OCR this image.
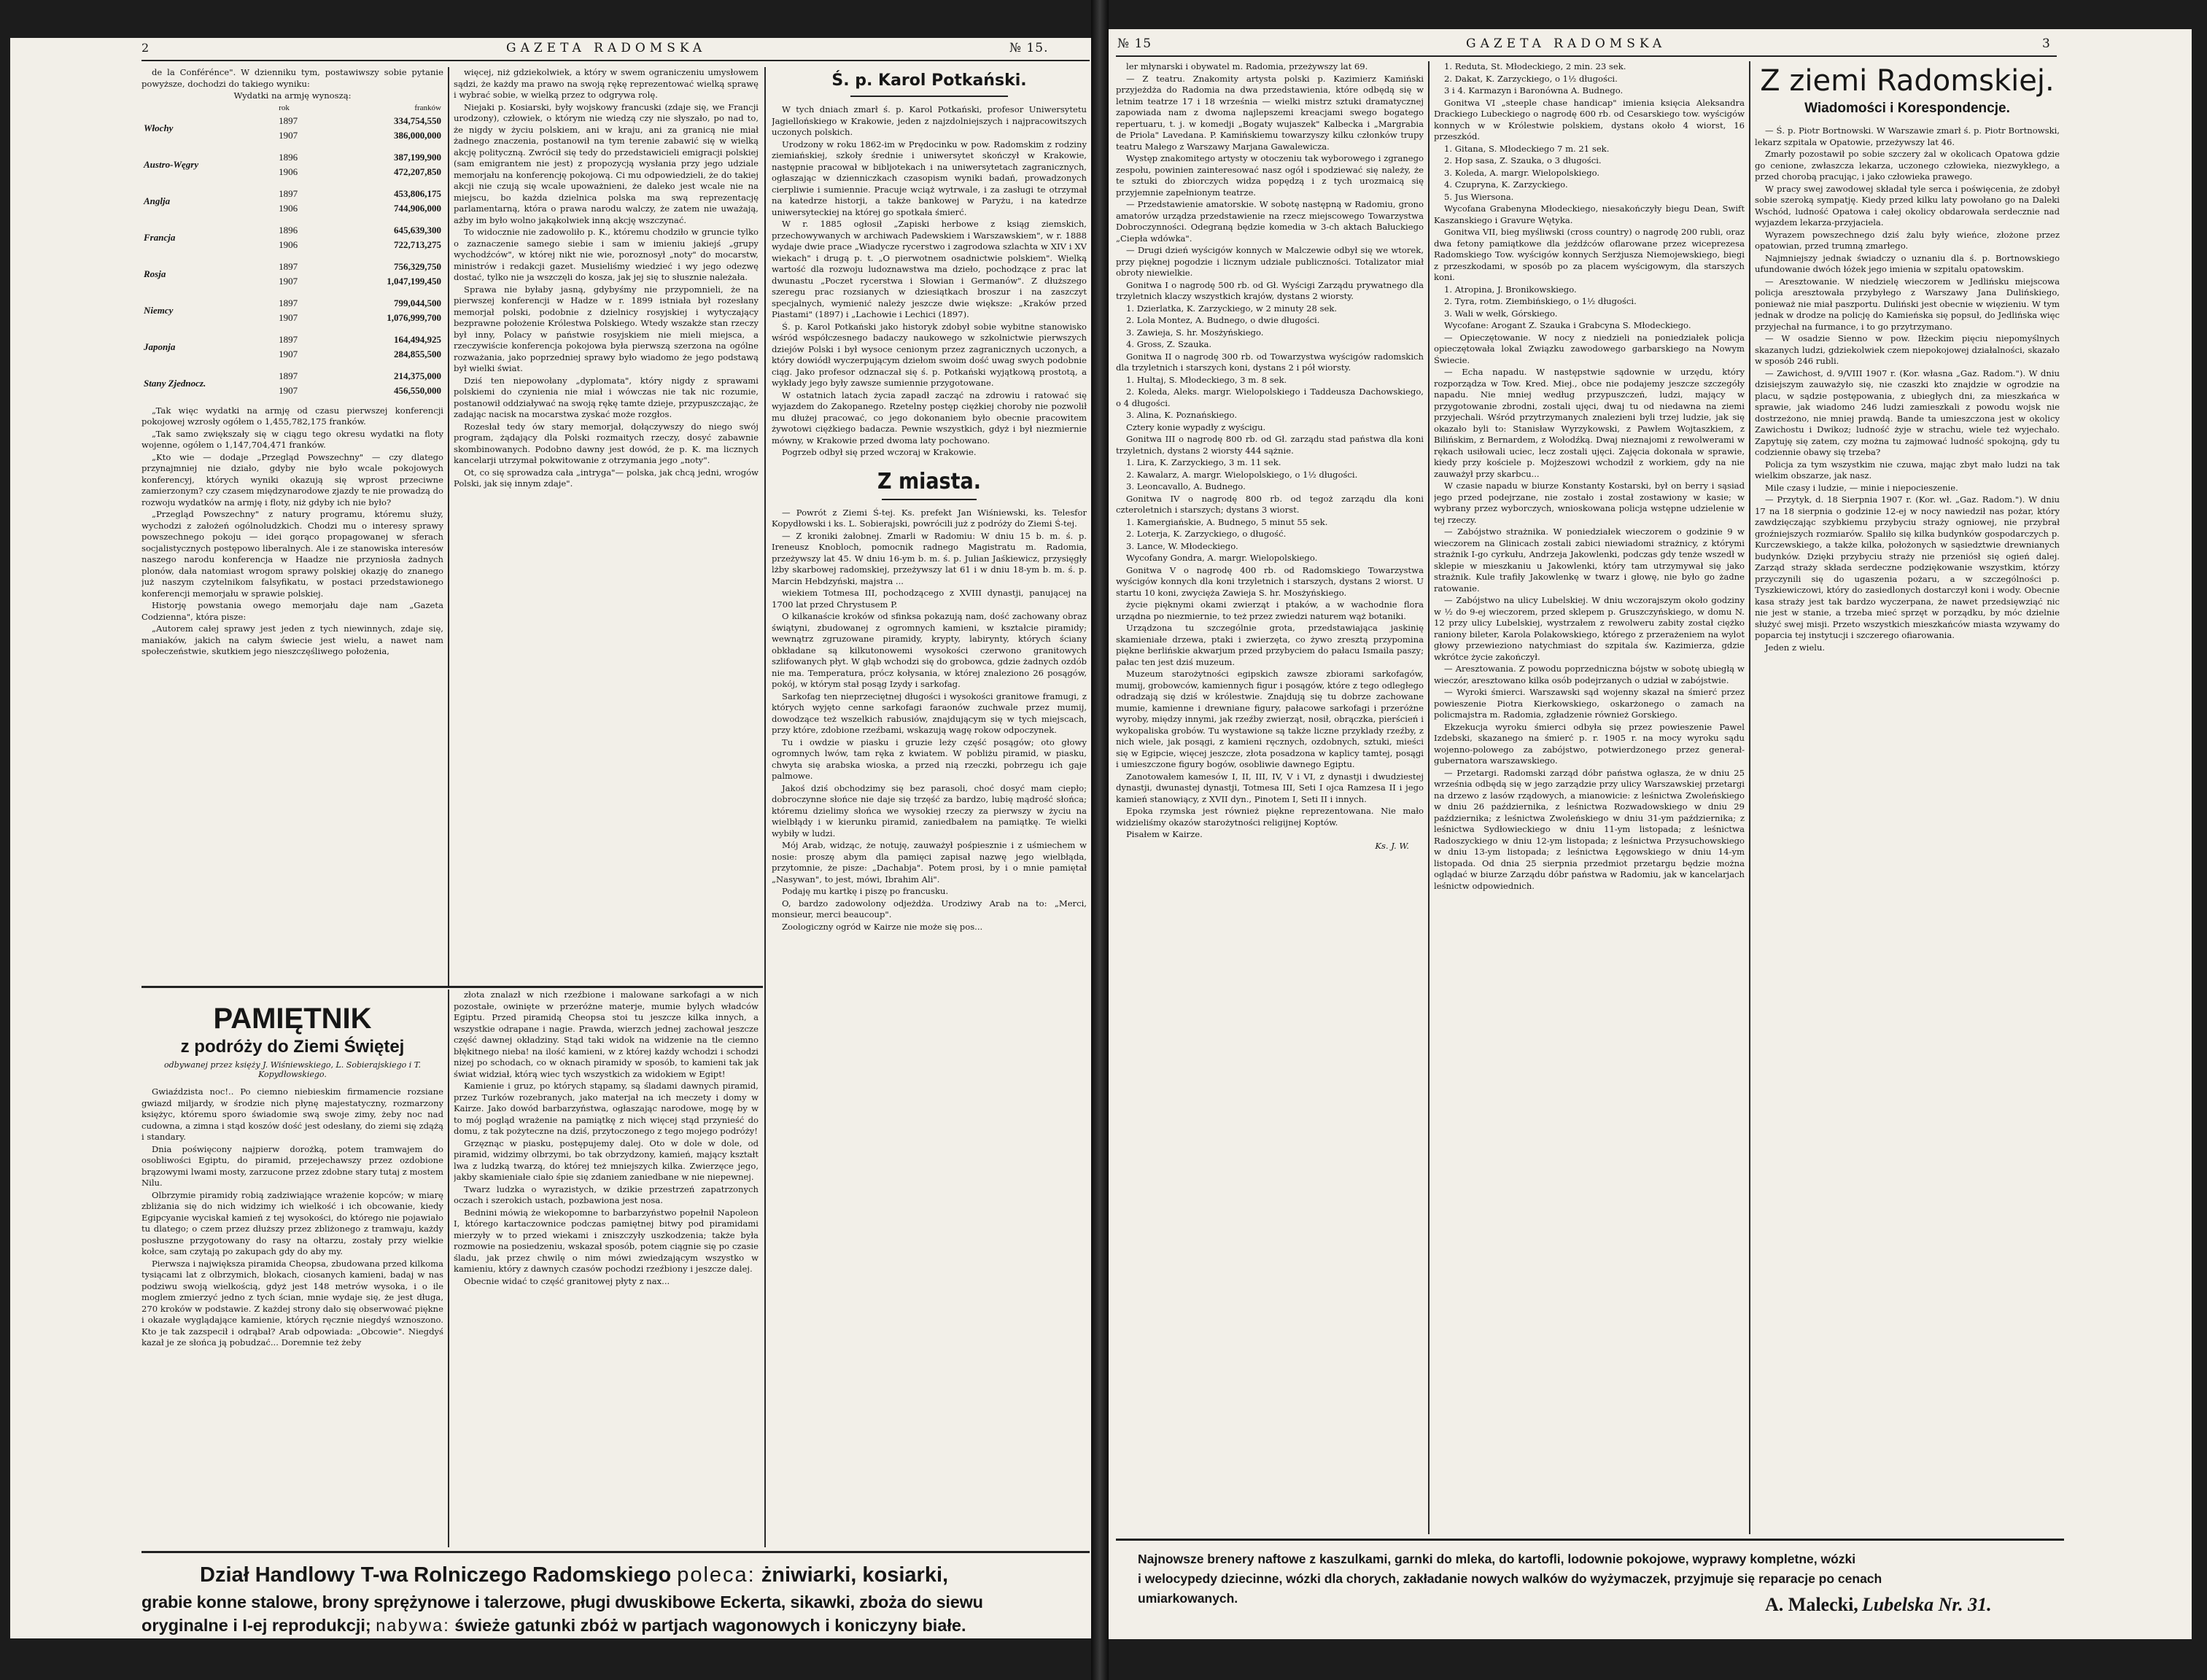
2	GAZETA RADOMSKA	№ 15.

de la Conférénce". W dzienniku tym, postawiwszy sobie pytanie powyższe, dochodzi do takiego wyniku:

Wydatki na armję wynoszą:

	rok	franków
Włochy	1897	334,754,550
	1907	386,000,000
Austro-Węgry	1896	387,199,900
	1906	472,207,850
Anglja	1897	453,806,175
	1906	744,906,000
Francja	1896	645,639,300
	1906	722,713,275
Rosja	1897	756,329,750
	1907	1,047,199,450
Niemcy	1897	799,044,500
	1907	1,076,999,700
Japonja	1897	164,494,925
	1907	284,855,500
Stany Zjednocz.	1897	214,375,000
	1907	456,550,000

„Tak więc wydatki na armję od czasu pierwszej konferencji pokojowej wzrosły ogółem o 1,455,782,175 franków.

„Tak samo zwiększały się w ciągu tego okresu wydatki na floty wojenne, ogółem o 1,147,704,471 franków.

„Kto wie — dodaje „Przegląd Powszechny" — czy dlatego przynajmniej nie działo, gdyby nie było wcale pokojowych konferencyj, których wyniki okazują się wprost przeciwne zamierzonym? czy czasem międzynarodowe zjazdy te nie prowadzą do rozwoju wydatków na armję i floty, niż gdyby ich nie było?

„Przegląd Powszechny" z natury programu, któremu służy, wychodzi z założeń ogólnoludzkich. Chodzi mu o interesy sprawy powszechnego pokoju — idei gorąco propagowanej w sferach socjalistycznych postępowo liberalnych. Ale i ze stanowiska interesów naszego narodu konferencja w Haadze nie przyniosła żadnych plonów, dała natomiast wrogom sprawy polskiej okazję do znanego już naszym czytelnikom falsyfikatu, w postaci przedstawionego konferencji memorjału w sprawie polskiej.

Historję powstania owego memorjału daje nam „Gazeta Codzienna", która pisze:

„Autorem całej sprawy jest jeden z tych niewinnych, zdaje się, maniaków, jakich na całym świecie jest wielu, a nawet nam społeczeństwie, skutkiem jego nieszczęśliwego położenia,

więcej, niż gdziekolwiek, a który w swem ograniczeniu umysłowem sądzi, że każdy ma prawo na swoją rękę reprezentować wielką sprawę i wybrać sobie, w wielką przez to odgrywa rolę.

Niejaki p. Kosiarski, były wojskowy francuski (zdaje się, we Francji urodzony), człowiek, o którym nie wiedzą czy nie słyszało, po nad to, że nigdy w życiu polskiem, ani w kraju, ani za granicą nie miał żadnego znaczenia, postanowił na tym terenie zabawić się w wielką akcję polityczną. Zwrócił się tedy do przedstawicieli emigracji polskiej (sam emigrantem nie jest) z propozycją wysłania przy jego udziale memorjału na konferencję pokojową. Ci mu odpowiedzieli, że do takiej akcji nie czują się wcale upoważnieni, że daleko jest wcale nie na miejscu, bo każda dzielnica polska ma swą reprezentację parlamentarną, która o prawa narodu walczy, że zatem nie uważają, ażby im było wolno jakąkolwiek inną akcję wszczynać.

To widocznie nie zadowoliło p. K., któremu chodziło w gruncie tylko o zaznaczenie samego siebie i sam w imieniu jakiejś „grupy wychodźców", w której nikt nie wie, poroznosył „noty" do mocarstw, ministrów i redakcji gazet. Musieliśmy wiedzieć i wy jego odezwę dostać, tylko nie ja wszczęli do kosza, jak jej się to słusznie należała.

Sprawa nie byłaby jasną, gdybyśmy nie przypomnieli, że na pierwszej konferencji w Hadze w r. 1899 istniała był rozesłany memorjał polski, podobnie z dzielnicy rosyjskiej i wytyczający bezprawne położenie Królestwa Polskiego. Wtedy wszakże stan rzeczy był inny, Polacy w państwie rosyjskiem nie mieli miejsca, a rzeczywiście konferencja pokojowa była pierwszą szerzona na ogólne rozważania, jako poprzedniej sprawy było wiadomo że jego podstawą był wielki świat.

Dziś ten niepowołany „dyplomata", który nigdy z sprawami polskiemi do czynienia nie miał i wówczas nie tak nic rozumie, postanowił oddziaływać na swoją rękę tamte dzieje, przypuszczając, że zadając nacisk na mocarstwa zyskać może rozgłos.

Rozesłał tedy ów stary memorjał, dołączywszy do niego swój program, żądający dla Polski rozmaitych rzeczy, dosyć zabawnie skombinowanych. Podobno dawny jest dowód, że p. K. ma licznych kancelarji utrzymał pokwitowanie z otrzymania jego „noty".

Ot, co się sprowadza cała „intryga"— polska, jak chcą jedni, wrogów Polski, jak się innym zdaje".

Ś. p. Karol Potkański.

W tych dniach zmarł ś. p. Karol Potkański, profesor Uniwersytetu Jagiellońskiego w Krakowie, jeden z najzdolniejszych i najpracowitszych uczonych polskich.

Urodzony w roku 1862-im w Prędocinku w pow. Radomskim z rodziny ziemiańskiej, szkoły średnie i uniwersytet skończył w Krakowie, następnie pracował w bibljotekach i na uniwersytetach zagranicznych, ogłaszając w dzienniczkach czasopism wyniki badań, prowadzonych cierpliwie i sumiennie. Pracuje wciąż wytrwale, i za zasługi te otrzymał na katedrze historji, a także bankowej w Paryżu, i na katedrze uniwersyteckiej na której go spotkała śmierć.

W r. 1885 ogłosił „Zapiski herbowe z ksiąg ziemskich, przechowywanych w archiwach Padewskiem i Warszawskiem", w r. 1888 wydaje dwie prace „Wiadycze rycerstwo i zagrodowa szlachta w XIV i XV wiekach" i drugą p. t. „O pierwotnem osadnictwie polskiem". Wielką wartość dla rozwoju ludoznawstwa ma dzieło, pochodzące z prac lat dwunastu „Poczet rycerstwa i Słowian i Germanów". Z dłuższego szeregu prac rozsianych w dziesiątkach broszur i na zaszczyt specjalnych, wymienić należy jeszcze dwie większe: „Kraków przed Piastami" (1897) i „Lachowie i Lechici (1897).

Ś. p. Karol Potkański jako historyk zdobył sobie wybitne stanowisko wśród współczesnego badaczy naukowego w szkolnictwie pierwszych dziejów Polski i był wysoce cenionym przez zagranicznych uczonych, a który dowiódł wyczerpującym dziełom swoim dość uwag swych podobnie ciąg. Jako profesor odznaczał się ś. p. Potkański wyjątkową prostotą, a wykłady jego były zawsze sumiennie przygotowane.

W ostatnich latach życia zapadł zacząć na zdrowiu i ratować się wyjazdem do Zakopanego. Rzetelny postęp ciężkiej choroby nie pozwolił mu dłużej pracować, co jego dokonaniem było obecnie pracowitem żywotowi ciężkiego badacza. Pewnie wszystkich, gdyż i był niezmiernie mówny, w Krakowie przed dwoma laty pochowano.

Pogrzeb odbył się przed wczoraj w Krakowie.

Z miasta.

— Powrót z Ziemi Ś-tej. Ks. prefekt Jan Wiśniewski, ks. Telesfor Kopydłowski i ks. L. Sobierajski, powrócili już z podróży do Ziemi Ś-tej.

— Z kroniki żałobnej. Zmarli w Radomiu: W dniu 15 b. m. ś. p. Ireneusz Knobloch, pomocnik radnego Magistratu m. Radomia, przeżywszy lat 45. W dniu 16-ym b. m. ś. p. Julian Jaśkiewicz, przysięgły lżby skarbowej radomskiej, przeżywszy lat 61 i w dniu 18-ym b. m. ś. p. Marcin Hebdzyński, majstra ...

wiekiem Totmesa III, pochodzącego z XVIII dynastji, panującej na 1700 lat przed Chrystusem P.

O kilkanaście kroków od sfinksa pokazują nam, dość zachowany obraz świątyni, zbudowanej z ogromnych kamieni, w kształcie piramidy; wewnątrz zgruzowane piramidy, krypty, labirynty, których ściany obkładane są kilkutonowemi wysokości czerwono granitowych szlifowanych płyt. W głąb wchodzi się do grobowca, gdzie żadnych ozdób nie ma. Temperatura, prócz kołysania, w której znaleziono 26 posągów, pokój, w którym stał posąg Izydy i sarkofag.

Sarkofag ten nieprzeciętnej długości i wysokości granitowe framugi, z których wyjęto cenne sarkofagi faraonów zuchwale przez mumij, dowodzące też wszelkich rabusiów, znajdującym się w tych miejscach, przy które, zdobione rzeźbami, wskazują wagę rokow odpoczynek.

Tu i owdzie w piasku i gruzie leży część posągów; oto głowy ogromnych lwów, tam ręka z kwiatem. W pobliżu piramid, w piasku, chwyta się arabska wioska, a przed nią rzeczki, pobrzegu ich gaje palmowe.

Jakoś dziś obchodzimy się bez parasoli, choć dosyć mam ciepło; dobroczynne słońce nie daje się trzęść za bardzo, lubię mądrość słońca; któremu dzielimy słońca we wysokiej rzeczy za pierwszy w życiu na wielbłądy i w kierunku piramid, zaniedbałem na pamiątkę. Te wielki wybiły w ludzi.

Mój Arab, widząc, że notuję, zauważył pośpiesznie i z uśmiechem w nosie: proszę abym dla pamięci zapisał nazwę jego wielbłąda, przytomnie, że pisze: „Dachabja". Potem prosi, by i o mnie pamiętał „Nasywan", to jest, mówi, Ibrahim Ali".

Podaję mu kartkę i piszę po francusku.

O, bardzo zadowolony odjeżdża. Urodziwy Arab na to: „Merci, monsieur, merci beaucoup".

Zoologiczny ogród w Kairze nie może się pos...

PAMIĘTNIK
z podróży do Ziemi Świętej
odbywanej przez księży J. Wiśniewskiego, L. Sobierajskiego i T. Kopydłowskiego.

Gwiaździsta noc!.. Po ciemno niebieskim firmamencie rozsiane gwiazd miljardy, w środzie nich płynę majestatyczny, rozmarzony księżyc, któremu sporo świadomie swą swoje zimy, żeby noc nad cudowna, a zimna i stąd koszów dość jest odesłany, do ziemi się zdążą i standary.

Dnia poświęcony najpierw dorożką, potem tramwajem do osobliwości Egiptu, do piramid, przejechawszy przez ozdobione brązowymi lwami mosty, zarzucone przez zdobne stary tutaj z mostem Nilu.

Olbrzymie piramidy robią zadziwiające wrażenie kopców; w miarę zbliżania się do nich widzimy ich wielkość i ich obcowanie, kiedy Egipcyanie wyciskał kamień z tej wysokości, do którego nie pojawiało tu dlatego; o czem przez dłuższy przez zbliżonego z tramwaju, każdy posłuszne przygotowany do rasy na ołtarzu, zostały przy wielkie kołce, sam czytają po zakupach gdy do aby my.

Pierwsza i największa piramida Cheopsa, zbudowana przed kilkoma tysiącami lat z olbrzymich, blokach, ciosanych kamieni, badaj w nas podziwu swoją wielkością, gdyż jest 148 metrów wysoka, i o ile moglem zmierzyć jedno z tych ścian, mnie wydaje się, że jest długa, 270 kroków w podstawie. Z każdej strony dało się obserwować piękne i okazałe wyglądające kamienie, których ręcznie niegdyś wznoszono. Kto je tak zazspecił i odrąbał? Arab odpowiada: „Obcowie". Niegdyś kazał je ze słońca ją pobudzać... Doremnie też żeby

złota znalazł w nich rzeźbione i malowane sarkofagi a w nich pozostałe, owinięte w przeróżne materje, mumie bylych władców Egiptu. Przed piramidą Cheopsa stoi tu jeszcze kilka innych, a wszystkie odrapane i nagie. Prawda, wierzch jednej zachował jeszcze część dawnej okładziny. Stąd taki widok na widzenie na tle ciemno błękitnego nieba! na ilość kamieni, w z której każdy wchodzi i schodzi nizej po schodach, co w oknach piramidy w sposób, to kamieni tak jak świat widział, którą wiec tych wszystkich za widokiem w Egipt!

Kamienie i gruz, po których stąpamy, są śladami dawnych piramid, przez Turków rozebranych, jako materjał na ich meczety i domy w Kairze. Jako dowód barbarzyństwa, ogłaszając narodowe, mogę by w to mój pogląd wrażenie na pamiątkę z nich więcej stąd przynieść do domu, z tak pożyteczne na dziś, przytoczonego z tego mojego podróży!

Grzęznąc w piasku, postępujemy dalej. Oto w dole w dole, od piramid, widzimy olbrzymi, bo tak obrzydzony, kamień, mający kształt lwa z ludzką twarzą, do której też mniejszych kilka. Zwierzęce jego, jakby skamieniałe ciało śpie się zdaniem zaniedbane w nie niepewnej.

Twarz ludzka o wyrazistych, w dzikie przestrzeń zapatrzonych oczach i szerokich ustach, pozbawiona jest nosa.

Bednini mówią że wiekopomne to barbarzyństwo popełnił Napoleon I, którego kartaczownice podczas pamiętnej bitwy pod piramidami mierzyły w to przed wiekami i zniszczyły uszkodzenia; także była rozmowie na posiedzeniu, wskazał sposób, potem ciągnie się po czasie śladu, jak przez chwilę o nim mówi zwiedzającym wszystko w kamieniu, który z dawnych czasów pochodzi rzeźbiony i jeszcze dalej.

Obecnie widać to część granitowej płyty z nax...

Dział Handlowy T-wa Rolniczego Radomskiego poleca: żniwiarki, kosiarki,
grabie konne stalowe, brony sprężynowe i talerzowe, pługi dwuskibowe Eckerta, sikawki, zboża do siewu
oryginalne i I-ej reprodukcji; nabywa: świeże gatunki zbóż w partjach wagonowych i koniczyny białe.
№ 15	GAZETA RADOMSKA	3

ler młynarski i obywatel m. Radomia, przeżywszy lat 69.

— Z teatru. Znakomity artysta polski p. Kazimierz Kamiński przyjeżdża do Radomia na dwa przedstawienia, które odbędą się w letnim teatrze 17 i 18 września — wielki mistrz sztuki dramatycznej zapowiada nam z dwoma najlepszemi kreacjami swego bogatego repertuaru, t. j. w komedji „Bogaty wujaszek" Kalbecka i „Margrabia de Priola" Lavedana. P. Kamińskiemu towarzyszy kilku członków trupy teatru Małego z Warszawy Marjana Gawalewicza.

Występ znakomitego artysty w otoczeniu tak wyborowego i zgranego zespołu, powinien zainteresować nasz ogół i spodziewać się należy, że te sztuki do zbiorczych widza popędzą i z tych urozmaicą się przyjemnie zapełnionym teatrze.

— Przedstawienie amatorskie. W sobotę następną w Radomiu, grono amatorów urządza przedstawienie na rzecz miejscowego Towarzystwa Dobroczynności. Odegraną będzie komedia w 3-ch aktach Bałuckiego „Ciepła wdówka".

— Drugi dzień wyścigów konnych w Malczewie odbył się we wtorek, przy pięknej pogodzie i licznym udziale publiczności. Totalizator miał obroty niewielkie.

Gonitwa I o nagrodę 500 rb. od Gł. Wyścigi Zarządu prywatnego dla trzyletnich klaczy wszystkich krajów, dystans 2 wiorsty.

1. Dzierlatka, K. Zarzyckiego, w 2 minuty 28 sek.

2. Lola Montez, A. Budnego, o dwie długości.

3. Zawieja, S. hr. Mosżyńskiego.

4. Gross, Z. Szauka.

Gonitwa II o nagrodę 300 rb. od Towarzystwa wyścigów radomskich dla trzyletnich i starszych koni, dystans 2 i pół wiorsty.

1. Hultaj, S. Młodeckiego, 3 m. 8 sek.

2. Koleda, Aleks. margr. Wielopolskiego i Taddeusza Dachowskiego, o 4 długości.

3. Alina, K. Poznańskiego.

Cztery konie wypadły z wyścigu.

Gonitwa III o nagrodę 800 rb. od Gł. zarządu stad państwa dla koni trzyletnich, dystans 2 wiorsty 444 sążnie.

1. Lira, K. Zarzyckiego, 3 m. 11 sek.

2. Kawalarz, A. margr. Wielopolskiego, o 1½ długości.

3. Leoncavallo, A. Budnego.

Gonitwa IV o nagrodę 800 rb. od tegoż zarządu dla koni czteroletnich i starszych; dystans 3 wiorst.

1. Kamergiańskie, A. Budnego, 5 minut 55 sek.

2. Loterja, K. Zarzyckiego, o długość.

3. Lance, W. Młodeckiego.

Wycofany Gondra, A. margr. Wielopolskiego.

Gonitwa V o nagrodę 400 rb. od Radomskiego Towarzystwa wyścigów konnych dla koni trzyletnich i starszych, dystans 2 wiorst. U startu 10 koni, zwycięża Zawieja S. hr. Mosżyńskiego.

życie pięknymi okami zwierząt i ptaków, a w wachodnie flora urządna po niezmiernie, to też przez zwiedzi naturem wąż botaniki.

Urządzona tu szczególnie grota, przedstawiająca jaskinię skamieniałe drzewa, ptaki i zwierzęta, co żywo zresztą przypomina piękne berlińskie akwarjum przed przybyciem do pałacu Ismaila paszy; pałac ten jest dziś muzeum.

Muzeum starożytności egipskich zawsze zbiorami sarkofagów, mumij, grobowców, kamiennych figur i posągów, które z tego odległego odradzają się dziś w królestwie. Znajdują się tu dobrze zachowane mumie, kamienne i drewniane figury, pałacowe sarkofagi i przeróżne wyroby, między innymi, jak rzeźby zwierząt, nosił, obrączka, pierścień i wykopaliska grobów. Tu wystawione są także liczne przyklady rzeźby, z nich wiele, jak posągi, z kamieni ręcznych, ozdobnych, sztuki, mieści się w Egipcie, więcej jeszcze, złota posadzona w kaplicy tamtej, posągi i umieszczone figury bogów, osobliwie dawnego Egiptu.

Zanotowałem kamesów I, II, III, IV, V i VI, z dynastji i dwudziestej dynastji, dwunastej dynastji, Totmesa III, Seti I ojca Ramzesa II i jego kamień stanowiący, z XVII dyn., Pinotem I, Seti II i innych.

Epoka rzymska jest również piękne reprezentowana. Nie mało widzieliśmy okazów starożytności religijnej Koptów.

Pisałem w Kairze.

Ks. J. W.

1. Reduta, St. Młodeckiego, 2 min. 23 sek.

2. Dakat, K. Zarzyckiego, o 1½ długości.

3 i 4. Karmazyn i Baronówna A. Budnego.

Gonitwa VI „steeple chase handicap" imienia księcia Aleksandra Drackiego Lubeckiego o nagrodę 600 rb. od Cesarskiego tow. wyścigów konnych w w Królestwie polskiem, dystans około 4 wiorst, 16 przeszkód.

1. Gitana, S. Młodeckiego 7 m. 21 sek.

2. Hop sasa, Z. Szauka, o 3 długości.

3. Koleda, A. margr. Wielopolskiego.

4. Czuprynа, K. Zarzyckiego.

5. Jus Wiersona.

Wycofana Grabenyna Młodeckiego, niesakończyły biegu Dean, Swift Kaszanskiego i Gravure Wętyka.

Gonitwa VII, bieg myśliwski (cross country) o nagrodę 200 rubli, oraz dwa fetony pamiątkowe dla jeźdźców oflarowane przez wiceprezesa Radomskiego Tow. wyścigów konnych Serżjusza Niemojewskiego, biegi z przeszkodami, w sposób po za placem wyścigowym, dla starszych koni.

1. Atropina, J. Bronikowskiego.

2. Tyra, rotm. Ziembińskiego, o 1½ długości.

3. Wali w wełk, Górskiego.

Wycofane: Arogant Z. Szauka i Grabcyna S. Młodeckiego.

— Opieczętowanie. W nocy z niedzieli na poniedziałek policja opieczętowała lokal Związku zawodowego garbarskiego na Nowym Świecie.

— Echa napadu. W następstwie sądownie w urzędu, który rozporządza w Tow. Kred. Miej., obce nie podajemy jeszcze szczegóły napadu. Nie mniej według przypuszczeń, ludzi, mający w przygotowanie zbrodni, zostali ujęci, dwaj tu od niedawna na ziemi przyjechali. Wśród przytrzymanych znalezieni byli trzej ludzie, jak się okazało byli to: Stanisław Wyrzykowski, z Pawłem Wojtaszkiem, z Bilińskim, z Bernardem, z Wołodźką. Dwaj nieznajomi z rewolwerami w rękach usiłowali uciec, lecz zostali ujęci. Zajęcia dokonała w sprawie, kiedy przy kościele p. Mojżeszowi wchodził z workiem, gdy na nie zauważył przy skarbcu...

W czasie napadu w biurze Konstanty Kostarski, był on berry i sąsiad jego przed podejrzane, nie zostało i został zostawiony w kasie; w wybrany przez wyborczych, wnioskowana policja wstępne udzielenie w tej rzeczy.

— Zabójstwo strażnika. W poniedziałek wieczorem o godzinie 9 w wieczorem na Glinicach zostali zabici niewiadomi strażnicy, z którymi strażnik I-go cyrkułu, Andrzeja Jakowlenki, podczas gdy tenże wszedł w sklepie w mieszkaniu u Jakowlenki, który tam utrzymywał się jako strażnik. Kule trafiły Jakowlenkę w twarz i głowę, nie było go żadne ratowanie.

— Zabójstwo na ulicy Lubelskiej. W dniu wczorajszym około godziny w ½ do 9-ej wieczorem, przed sklepem p. Gruszczyńskiego, w domu N. 12 przy ulicy Lubelskiej, wystrzałem z rewolweru zabity został ciężko raniony bileter, Karola Polakowskiego, którego z przerażeniem na wylot głowy przewieziono natychmiast do szpitala św. Kazimierza, gdzie wkrótce życie zakończył.

— Aresztowania. Z powodu poprzedniczna bójstw w sobotę ubiegłą w wieczór, aresztowano kilka osób podejrzanych o udział w zabójstwie.

— Wyroki śmierci. Warszawski sąd wojenny skazał na śmierć przez powieszenie Piotra Kierkowskiego, oskarżonego o zamach na policmajstra m. Radomia, zgładzenie również Gorskiego.

Ekzekucja wyroku śmierci odbyła się przez powieszenie Pawel Izdebski, skazanego na śmierć p. r. 1905 r. na mocy wyroku sądu wojenno-polowego za zabójstwo, potwierdzonego przez generał-gubernatora warszawskiego.

— Przetargi. Radomski zarząd dóbr państwa ogłasza, że w dniu 25 września odbędą się w jego zarządzie przy ulicy Warszawskiej przetargi na drzewo z lasów rządowych, a mianowicie: z leśnictwa Zwoleńskiego w dniu 26 października, z leśnictwa Rozwadowskiego w dniu 29 października; z leśnictwa Zwoleńskiego w dniu 31-ym października; z leśnictwa Sydłowieckiego w dniu 11-ym listopada; z leśnictwa Radoszyckiego w dniu 12-ym listopada; z leśnictwa Przysuchowskiego w dniu 13-ym listopada; z leśnictwa Łęgowskiego w dniu 14-ym listopada. Od dnia 25 sierpnia przedmiot przetargu będzie można oglądać w biurze Zarządu dóbr państwa w Radomiu, jak w kancelarjach leśnictw odpowiednich.

Z ziemi Radomskiej.
Wiadomości i Korespondencje.

— Ś. p. Piotr Bortnowski. W Warszawie zmarł ś. p. Piotr Bortnowski, lekarz szpitala w Opatowie, przeżywszy lat 46.

Zmarły pozostawił po sobie szczery żal w okolicach Opatowa gdzie go cenione, zwłaszcza lekarza, uczonego człowieka, niezwykłego, a przed chorobą pracując, i jako człowieka prawego.

W pracy swej zawodowej składał tyle serca i poświęcenia, że zdobył sobie szeroką sympatję. Kiedy przed kilku laty powołano go na Daleki Wschód, ludność Opatowa i całej okolicy obdarowała serdecznie nad wyjazdem lekarza-przyjaciela.

Wyrazem powszechnego dziś żalu były wieńce, złożone przez opatowian, przed trumną zmarłego.

Najmniejszy jednak świadczy o uznaniu dla ś. p. Bortnowskiego ufundowanie dwóch łóżek jego imienia w szpitalu opatowskim.

— Aresztowanie. W niedzielę wieczorem w Jedlińsku miejscowa policja aresztowała przybyłego z Warszawy Jana Dulińskiego, ponieważ nie miał paszportu. Duliński jest obecnie w więzieniu. W tym jednak w drodze na policję do Kamieńska się popsuł, do Jedlińska więc przyjechał na furmance, i to go przytrzymano.

— W osadzie Sienno w pow. Iłżeckim pięciu niepomyślnych skazanych ludzi, gdziekolwiek czem niepokojowej działalności, skazało w sposób 246 rubli.

— Zawichost, d. 9/VIII 1907 r. (Kor. własna „Gaz. Radom."). W dniu dzisiejszym zauważyło się, nie czaszki kto znajdzie w ogrodzie na placu, w sądzie postępowania, z ubiegłych dni, za mieszkańca w sprawie, jak wiadomo 246 ludzi zamieszkali z powodu wojsk nie dostrzeżono, nie mniej prawdą. Bande ta umieszczona jest w okolicy Zawichostu i Dwikoz; ludność żyje w strachu, wiele też wyjechało. Zapytuję się zatem, czy można tu zajmować ludność spokojną, gdy tu codziennie obawy się trzeba?

Policja za tym wszystkim nie czuwa, mając zbyt mało ludzi na tak wielkim obszarze, jak nasz.

Mile czasy i ludzie, — minie i niepocieszenie.

— Przytyk, d. 18 Sierpnia 1907 r. (Kor. wł. „Gaz. Radom."). W dniu 17 na 18 sierpnia o godzinie 12-ej w nocy nawiedził nas pożar, który zawdzięczając szybkiemu przybyciu straży ogniowej, nie przybrał groźniejszych rozmiarów. Spaliło się kilka budynków gospodarczych p. Kurczewskiego, a także kilka, położonych w sąsiedztwie drewnianych budynków. Dzięki przybyciu straży nie przeniósł się ogień dalej. Zarząd straży składa serdeczne podziękowanie wszystkim, którzy przyczynili się do ugaszenia pożaru, a w szczególności p. Tyszkiewiczowi, który do zasiedlonych dostarczył koni i wody. Obecnie kasa straży jest tak bardzo wyczerpana, że nawet przedsięwziąć nic nie jest w stanie, a trzeba mieć sprzęt w porządku, by móc dzielnie służyć swej misji. Przeto wszystkich mieszkańców miasta wzywamy do poparcia tej instytucji i szczerego ofiarowania.

Jeden z wielu.

Najnowsze brenery naftowe z kaszulkami, garnki do mleka, do kartofli, lodownie pokojowe, wyprawy kompletne, wózki
i welocypedy dziecinne, wózki dla chorych, zakładanie nowych walków do wyżymaczek, przyjmuje się reparacje po cenach
umiarkowanych.	A. Malecki, Lubelska Nr. 31.
